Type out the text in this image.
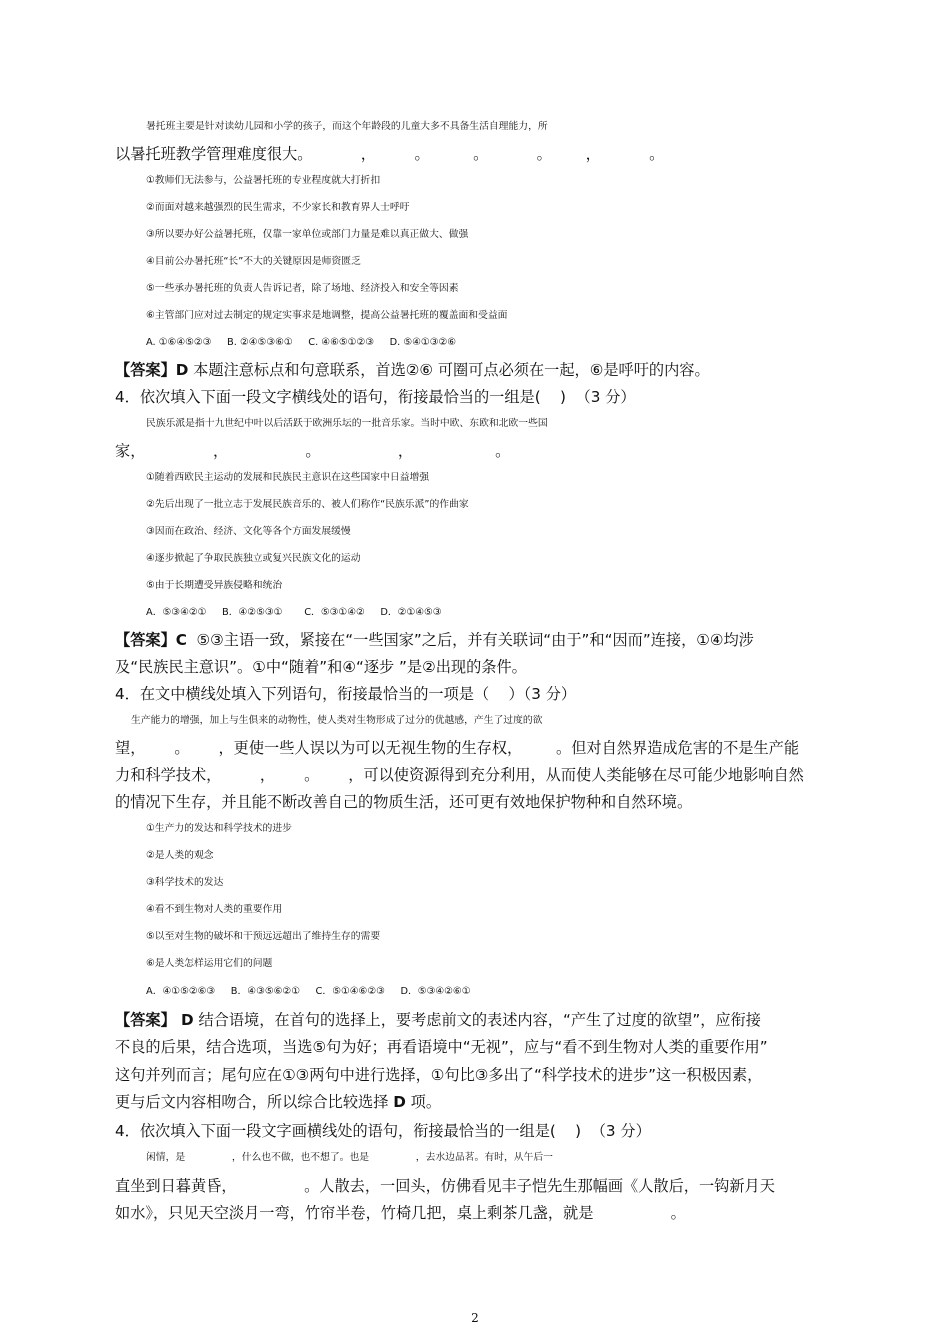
暑托班主要是针对读幼儿园和小学的孩子，而这个年龄段的儿童大多不具备生活自理能力，所
以暑托班教学管理难度很大。          ，        。         。          。       ，          。
①教师们无法参与，公益暑托班的专业程度就大打折扣
②而面对越来越强烈的民生需求，不少家长和教育界人士呼吁
③所以要办好公益暑托班，仅靠一家单位或部门力量是难以真正做大、做强
④目前公办暑托班“长”不大的关键原因是师资匮乏
⑤一些承办暑托班的负责人告诉记者，除了场地、经济投入和安全等因素
⑥主管部门应对过去制定的规定实事求是地调整，提高公益暑托班的覆盖面和受益面
A. ①⑥④⑤②③     B. ②④⑤③⑥①     C. ④⑥⑤①②③     D. ⑤④①③②⑥
【答案】D 本题注意标点和句意联系，首选②⑥ 可圈可点必须在一起，⑥是呼吁的内容。
4．依次填入下面一段文字横线处的语句，衔接最恰当的一组是(    )  （3 分）
民族乐派是指十九世纪中叶以后活跃于欧洲乐坛的一批音乐家。当时中欧、东欧和北欧一些国
家，              ，                。                ，                 。
①随着西欧民主运动的发展和民族民主意识在这些国家中日益增强
②先后出现了一批立志于发展民族音乐的、被人们称作“民族乐派”的作曲家
③因而在政治、经济、文化等各个方面发展缓慢
④逐步掀起了争取民族独立或复兴民族文化的运动
⑤由于长期遭受异族侵略和统治
A．⑤③④②①     B．④②⑤③①       C．⑤③①④②     D．②①④⑤③
【答案】C  ⑤③主语一致，紧接在“一些国家”之后，并有关联词“由于”和“因而”连接，①④均涉
及“民族民主意识”。①中“随着”和④“逐步 ”是②出现的条件。
4．在文中横线处填入下列语句，衔接最恰当的一项是（    ）（3 分）
生产能力的增强，加上与生俱来的动物性，使人类对生物形成了过分的优越感，产生了过度的欲
望，      。      ，更使一些人误以为可以无视生物的生存权，       。但对自然界造成危害的不是生产能
力和科学技术，        ，      。      ，可以使资源得到充分利用，从而使人类能够在尽可能少地影响自然
的情况下生存，并且能不断改善自己的物质生活，还可更有效地保护物种和自然环境。
①生产力的发达和科学技术的进步
②是人类的观念
③科学技术的发达
④看不到生物对人类的重要作用
⑤以至对生物的破坏和干预远远超出了维持生存的需要
⑥是人类怎样运用它们的问题
A．④①⑤②⑥③     B．④③⑤⑥②①     C．⑤①④⑥②③     D．⑤③④②⑥①
【答案】 D 结合语境，在首句的选择上，要考虑前文的表述内容，“产生了过度的欲望”，应衔接
不良的后果，结合选项，当选⑤句为好；再看语境中“无视”，应与“看不到生物对人类的重要作用”
这句并列而言；尾句应在①③两句中进行选择，①句比③多出了“科学技术的进步”这一积极因素，
更与后文内容相吻合，所以综合比较选择 D 项。
4．依次填入下面一段文字画横线处的语句，衔接最恰当的一组是(    )  （3 分）
闲情，是               ，什么也不做，也不想了。也是               ，去水边品茗。有时，从午后一
直坐到日暮黄昏，              。人散去，一回头，仿佛看见丰子恺先生那幅画《人散后，一钩新月天
如水》，只见天空淡月一弯，竹帘半卷，竹椅几把，桌上剩茶几盏，就是                。
2
